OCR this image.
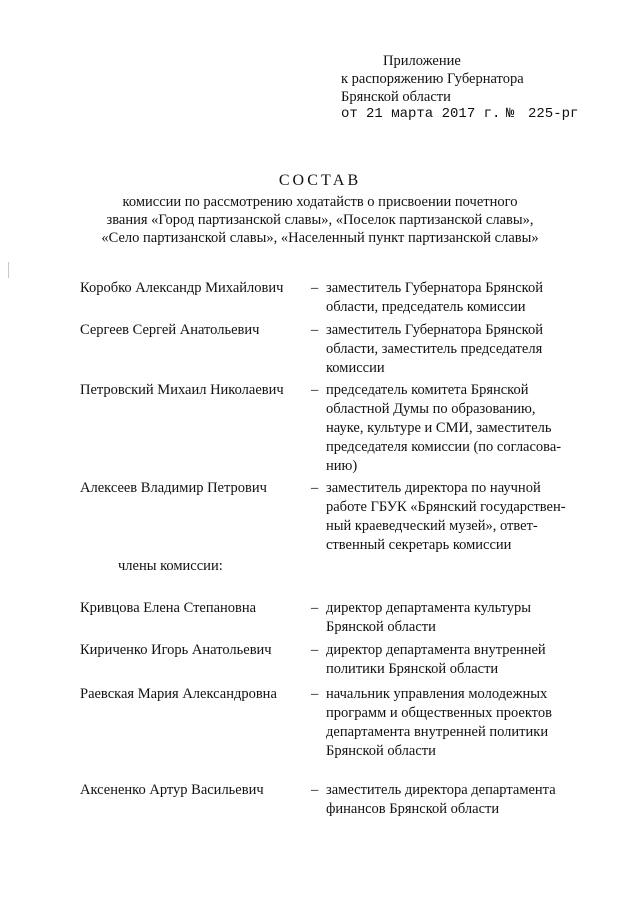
Приложение
к распоряжению Губернатора
Брянской области
от 21 марта 2017 г. № 225-рг
СОСТАВ
комиссии по рассмотрению ходатайств о присвоении почетного
звания «Город партизанской славы», «Поселок партизанской славы»,
«Село партизанской славы», «Населенный пункт партизанской славы»
Коробко Александр Михайлович – заместитель Губернатора Брянской
области, председатель комиссии
Сергеев Сергей Анатольевич	– заместитель Губернатора Брянской
области, заместитель председателя
комиссии
Петровский Михаил Николаевич – председатель комитета Брянской
областной Думы по образованию,
науке, культуре и СМИ, заместитель
председателя комиссии (по согласова-
нию)
Алексеев Владимир Петрович	– заместитель директора по научной
работе ГБУК «Брянский государствен-
ный краеведческий музей», ответ-
ственный секретарь комиссии
члены комиссии:
Кривцова Елена Степановна	– директор департамента культуры
Брянской области
Кириченко Игорь Анатольевич	– директор департамента внутренней
политики Брянской области
Раевская Мария Александровна – начальник управления молодежных
программ и общественных проектов
департамента внутренней политики
Брянской области
Аксененко Артур Васильевич	– заместитель директора департамента
финансов Брянской области
